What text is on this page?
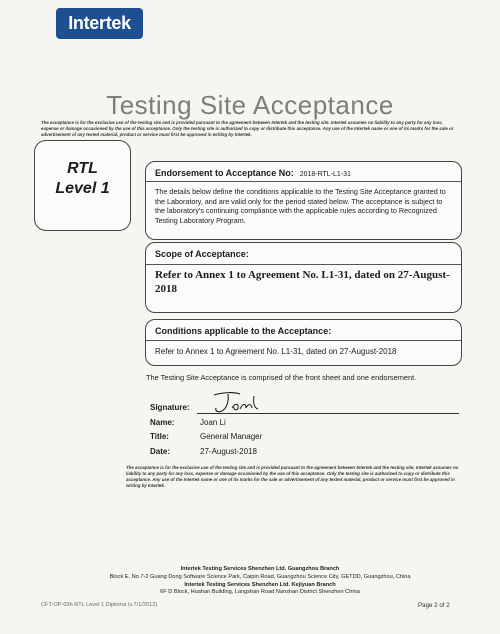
Intertek
Testing Site Acceptance
The acceptance is for the exclusive use of the testing site and is provided pursuant to the agreement between Intertek and the testing site. Intertek assumes no liability to any party for any loss, expense or damage occasioned by the use of this acceptance. Only the testing site is authorized to copy or distribute this acceptance. Any use of the Intertek name or one of its marks for the sale or advertisement of any tested material, product or service must first be approved in writing by Intertek.
RTL
Level 1
Endorsement to Acceptance No: 2018-RTL-L1-31
The details below define the conditions applicable to the Testing Site Acceptance granted to the Laboratory, and are valid only for the period stated below. The acceptance is subject to the laboratory's continuing compliance with the applicable rules according to Recognized Testing Laboratory Program.
Scope of Acceptance:
Refer to Annex 1 to Agreement No. L1-31, dated on 27-August-2018
Conditions applicable to the Acceptance:
Refer to Annex 1 to Agreement No. L1-31, dated on 27-August-2018
The Testing Site Acceptance is comprised of the front sheet and one endorsement.
Signature:
Name:	Joan Li
Title:	General Manager
Date:	27-August-2018
The acceptance is for the exclusive use of the testing site and is provided pursuant to the agreement between Intertek and the testing site. Intertek assumes no liability to any party for any loss, expense or damage occasioned by the use of this acceptance. Only the testing site is authorized to copy or distribute this acceptance. Any use of the Intertek name or one of its marks for the sale or advertisement of any tested material, product or service must first be approved in writing by Intertek.
Intertek Testing Services Shenzhen Ltd. Guangzhou Branch
Block E, No.7-2 Guang Dong Software Science Park, Caipin Road, Guangzhou Science City, GETDD, Guangzhou, China
Intertek Testing Services Shenzhen Ltd. Kejiyuan Branch
6F D Block, Huahan Building, Langshan Road Nanshan District Shenzhen China
CFT-OP-03h RTL Level 1 Diploma (v.7/1/2012)	Page 2 of 2
